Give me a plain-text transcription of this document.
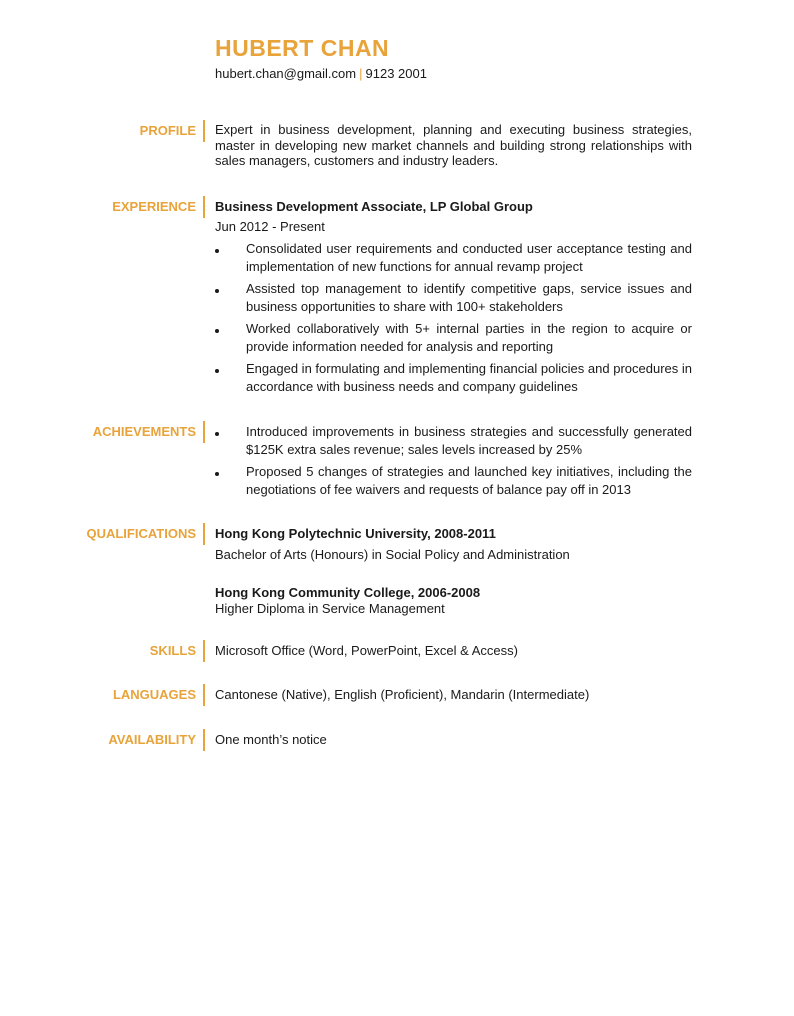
HUBERT CHAN
hubert.chan@gmail.com | 9123 2001
PROFILE Expert in business development, planning and executing business strategies, master in developing new market channels and building strong relationships with sales managers, customers and industry leaders.
EXPERIENCE Business Development Associate, LP Global Group
Jun 2012 - Present
Consolidated user requirements and conducted user acceptance testing and implementation of new functions for annual revamp project
Assisted top management to identify competitive gaps, service issues and business opportunities to share with 100+ stakeholders
Worked collaboratively with 5+ internal parties in the region to acquire or provide information needed for analysis and reporting
Engaged in formulating and implementing financial policies and procedures in accordance with business needs and company guidelines
ACHIEVEMENTS	Introduced improvements in business strategies and successfully generated $125K extra sales revenue; sales levels increased by 25%
Proposed 5 changes of strategies and launched key initiatives, including the negotiations of fee waivers and requests of balance pay off in 2013
QUALIFICATIONS Hong Kong Polytechnic University, 2008-2011
Bachelor of Arts (Honours) in Social Policy and Administration
Hong Kong Community College, 2006-2008
Higher Diploma in Service Management
SKILLS Microsoft Office (Word, PowerPoint, Excel & Access)
LANGUAGES Cantonese (Native), English (Proficient), Mandarin (Intermediate)
AVAILABILITY One month’s notice
